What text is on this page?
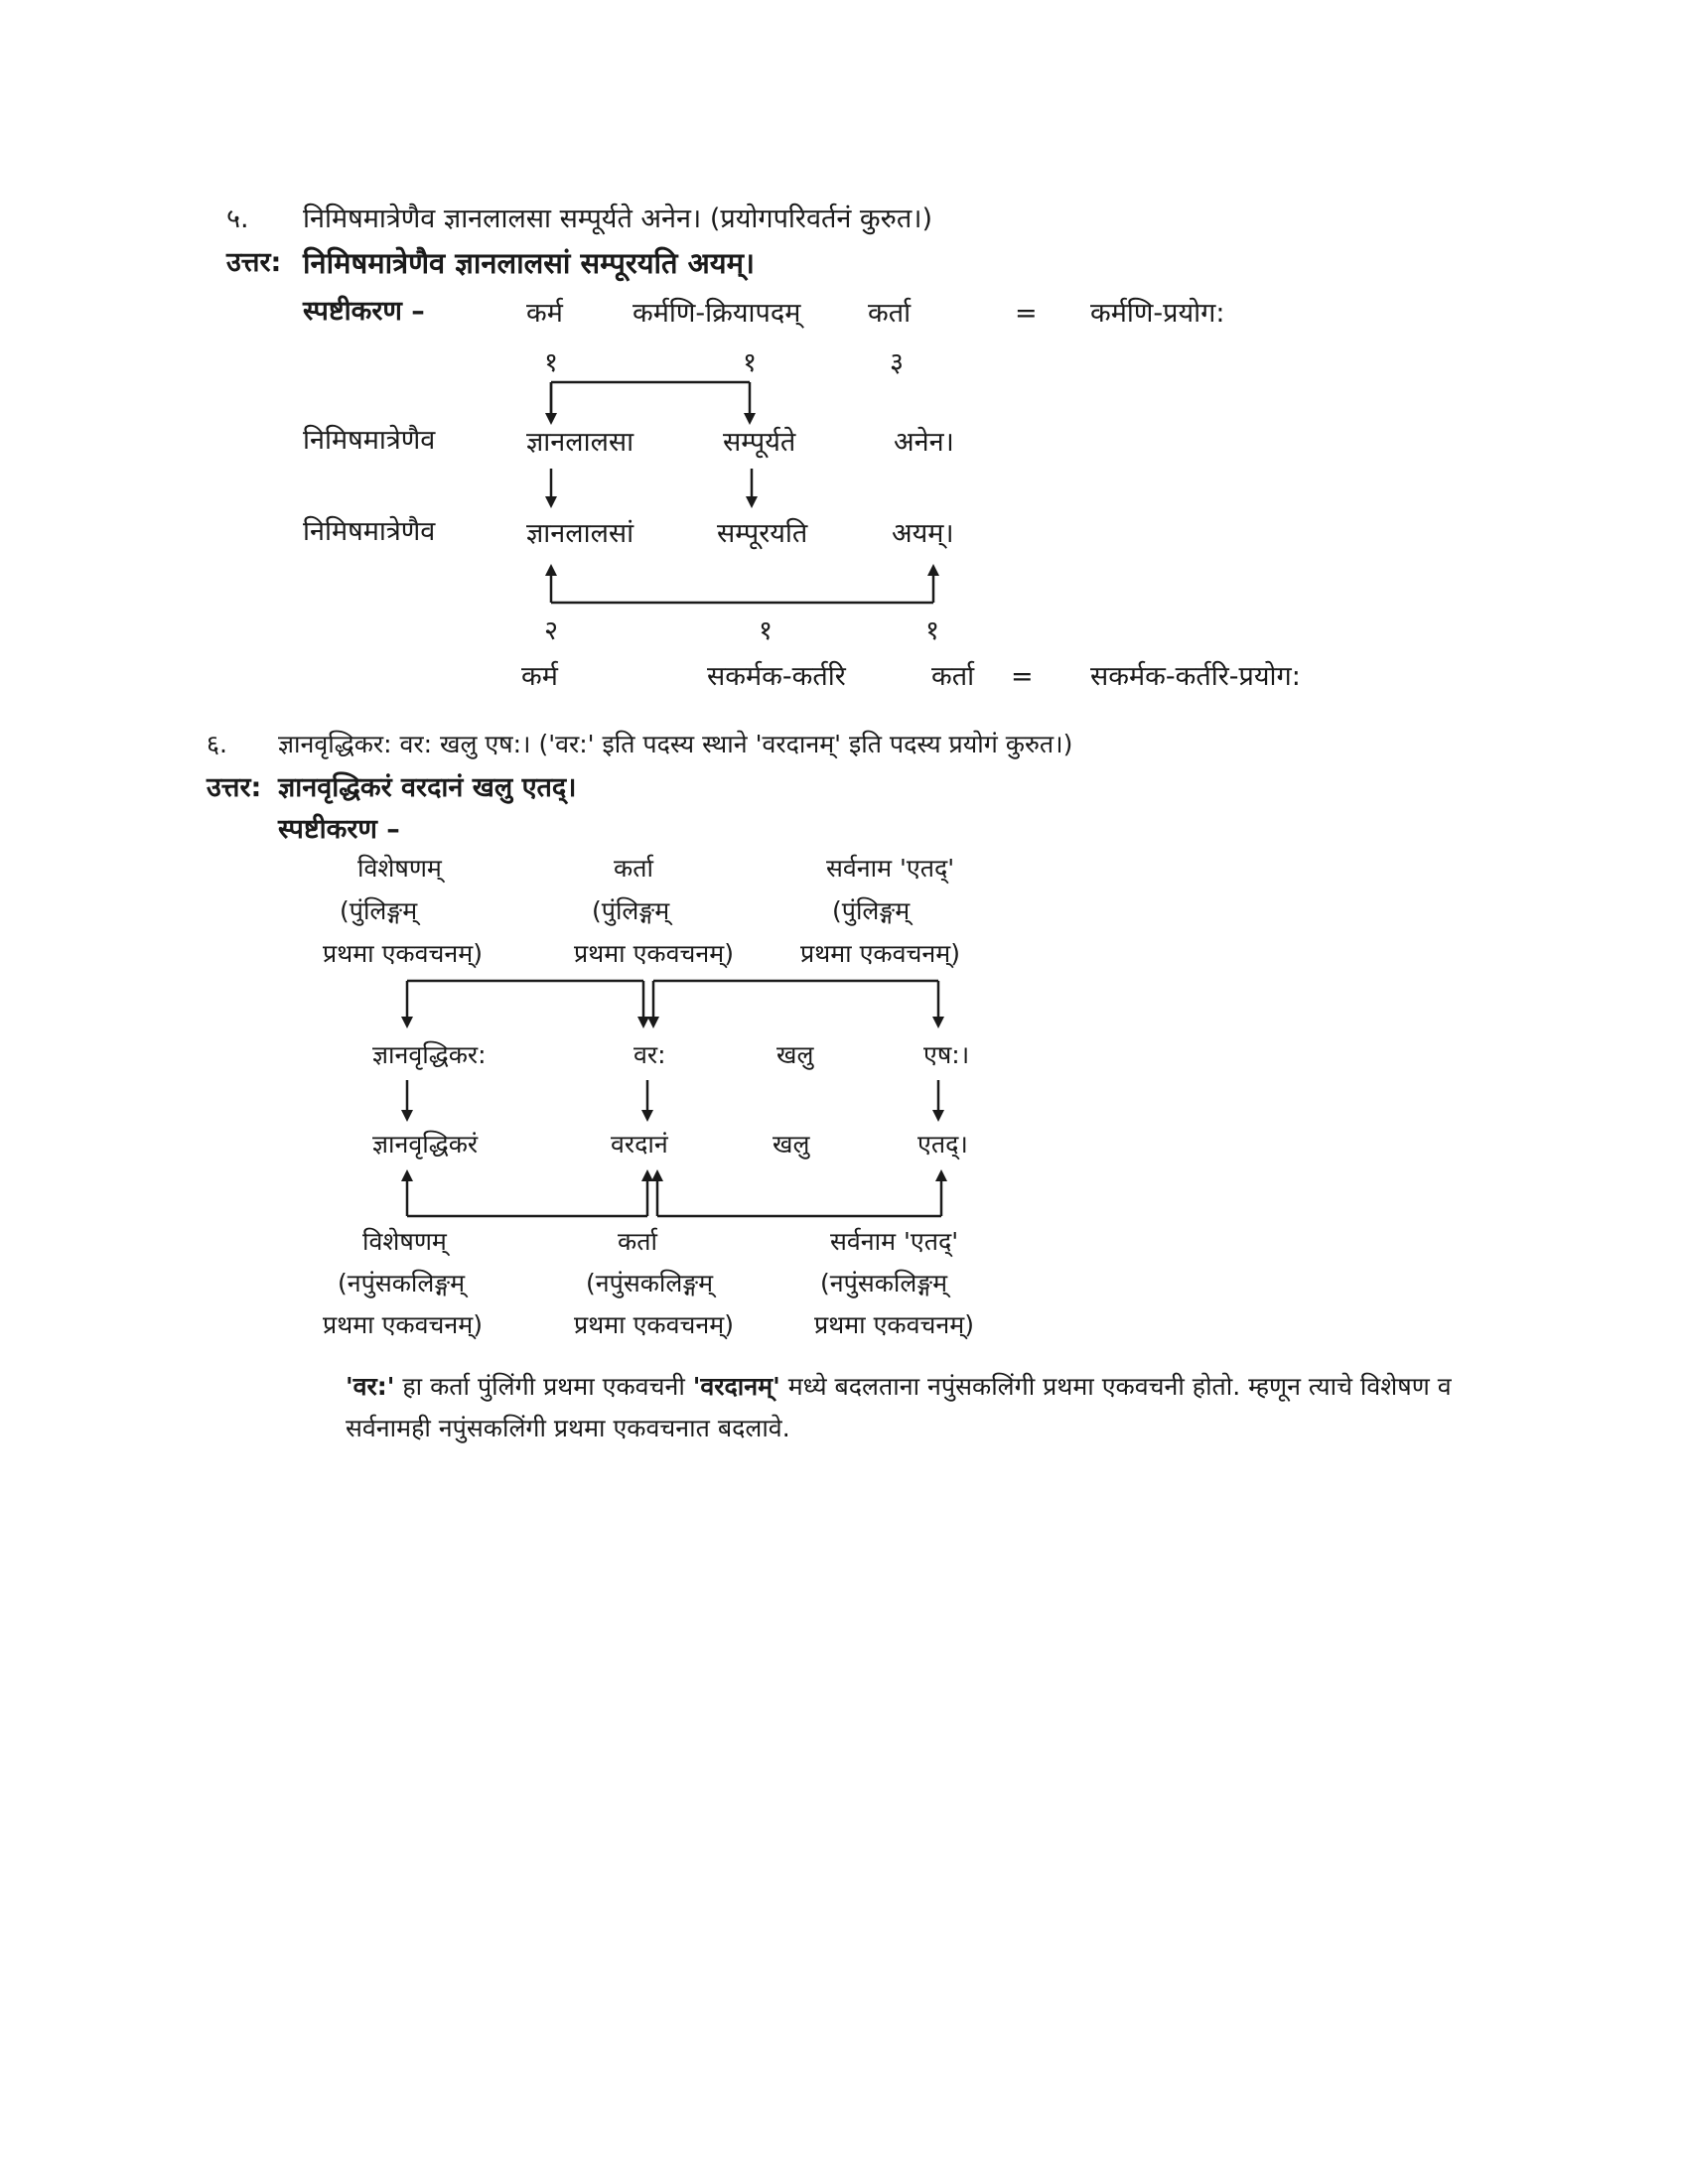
५. निमिषमात्रेणैव ज्ञानलालसा सम्पूर्यते अनेन। (प्रयोगपरिवर्तनं कुरुत।)
उत्तर: निमिषमात्रेणैव ज्ञानलालसां सम्पूरयति अयम्।
स्पष्टीकरण –	कर्म	कर्मणि-क्रियापदम्	कर्ता	= कर्मणि-प्रयोग:
१	१	३
निमिषमात्रेणैव	ज्ञानलालसा	सम्पूर्यते	अनेन।
निमिषमात्रेणैव	ज्ञानलालसां	सम्पूरयति	अयम्।
२	१	१
कर्म	सकर्मक-कर्तरि	कर्ता = सकर्मक-कर्तरि-प्रयोग:
६. ज्ञानवृद्धिकर: वर: खलु एष:। ('वर:' इति पदस्य स्थाने 'वरदानम्' इति पदस्य प्रयोगं कुरुत।)
उत्तर: ज्ञानवृद्धिकरं वरदानं खलु एतद्।
स्पष्टीकरण –
विशेषणम्
(पुंलिङ्गम्
प्रथमा एकवचनम्)
कर्ता
(पुंलिङ्गम्
प्रथमा एकवचनम्)
सर्वनाम 'एतद्'
(पुंलिङ्गम्
प्रथमा एकवचनम्)
ज्ञानवृद्धिकर:	वर:	खलु	एष:।
ज्ञानवृद्धिकरं	वरदानं	खलु	एतद्।
विशेषणम्
(नपुंसकलिङ्गम्
प्रथमा एकवचनम्)
कर्ता
(नपुंसकलिङ्गम्
प्रथमा एकवचनम्)
सर्वनाम 'एतद्'
(नपुंसकलिङ्गम्
प्रथमा एकवचनम्)
'वर:' हा कर्ता पुंलिंगी प्रथमा एकवचनी 'वरदानम्' मध्ये बदलताना नपुंसकलिंगी प्रथमा एकवचनी होतो. म्हणून त्याचे विशेषण व
सर्वनामही नपुंसकलिंगी प्रथमा एकवचनात बदलावे.
